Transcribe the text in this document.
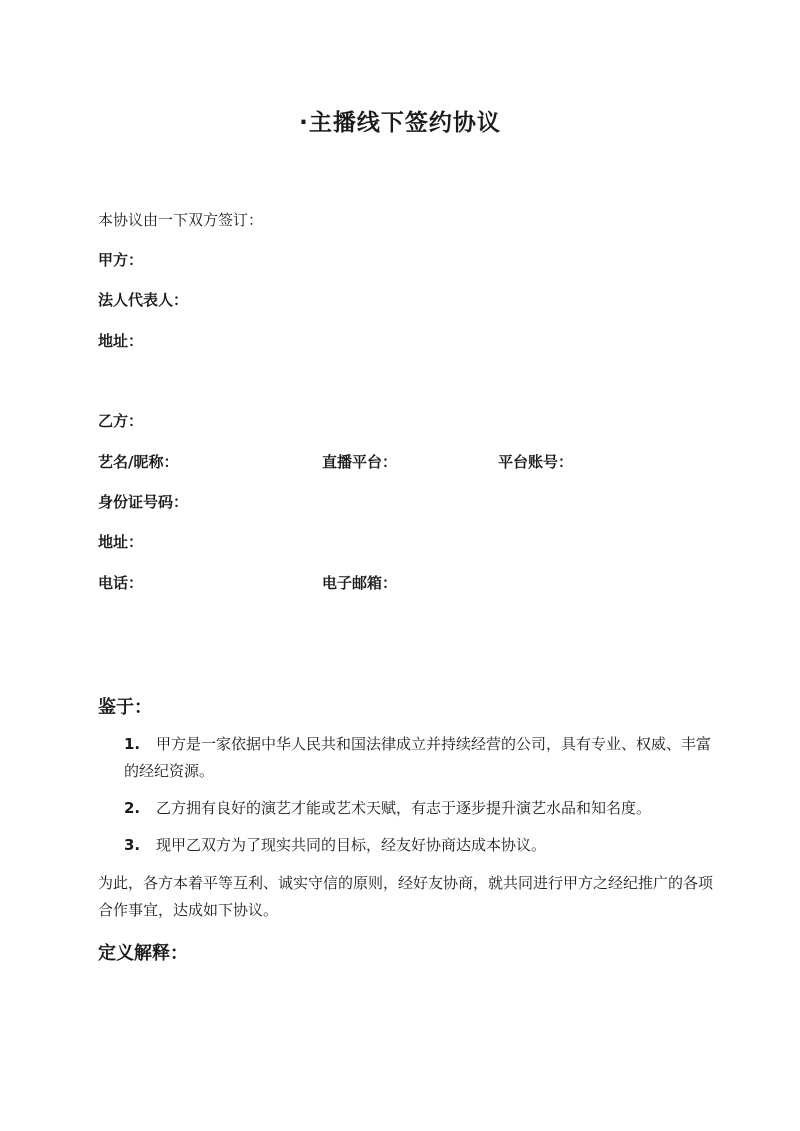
·主播线下签约协议

本协议由一下双方签订：

甲方：

法人代表人：

地址：

乙方：

艺名/昵称：	直播平台：	平台账号：

身份证号码：

地址：

电话：	电子邮箱：

鉴于：

1. 甲方是一家依据中华人民共和国法律成立并持续经营的公司，具有专业、权威、丰富的经纪资源。

2. 乙方拥有良好的演艺才能或艺术天赋，有志于逐步提升演艺水品和知名度。

3. 现甲乙双方为了现实共同的目标，经友好协商达成本协议。

为此，各方本着平等互利、诚实守信的原则，经好友协商，就共同进行甲方之经纪推广的各项合作事宜，达成如下协议。

定义解释：
